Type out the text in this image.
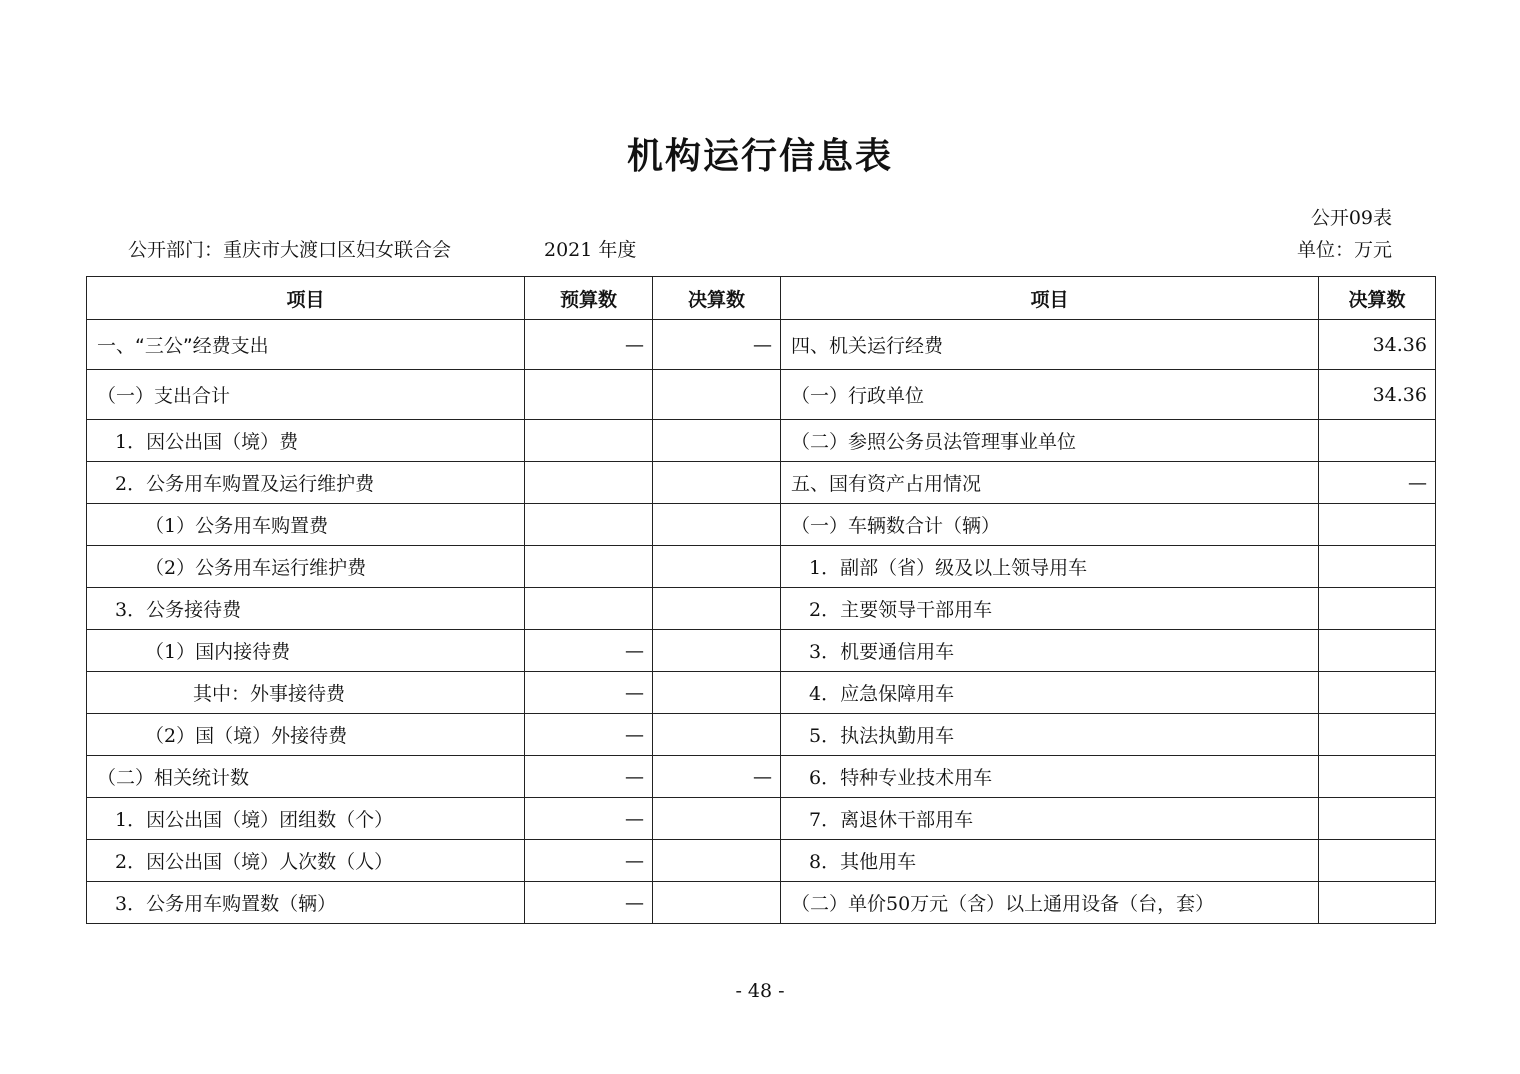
机构运行信息表
公开09表
公开部门：重庆市大渡口区妇女联合会	2021 年度	单位：万元
项目	预算数	决算数	项目	决算数
一、“三公”经费支出	—	—	四、机关运行经费	34.36
（一）支出合计			（一）行政单位	34.36
1．因公出国（境）费			（二）参照公务员法管理事业单位	
2．公务用车购置及运行维护费			五、国有资产占用情况	—
（1）公务用车购置费			（一）车辆数合计（辆）	
（2）公务用车运行维护费			1．副部（省）级及以上领导用车	
3．公务接待费			2．主要领导干部用车	
（1）国内接待费	—		3．机要通信用车	
其中：外事接待费	—		4．应急保障用车	
（2）国（境）外接待费	—		5．执法执勤用车	
（二）相关统计数	—	—	6．特种专业技术用车	
1．因公出国（境）团组数（个）	—		7．离退休干部用车	
2．因公出国（境）人次数（人）	—		8．其他用车	
3．公务用车购置数（辆）	—		（二）单价50万元（含）以上通用设备（台，套）	
- 48 -
